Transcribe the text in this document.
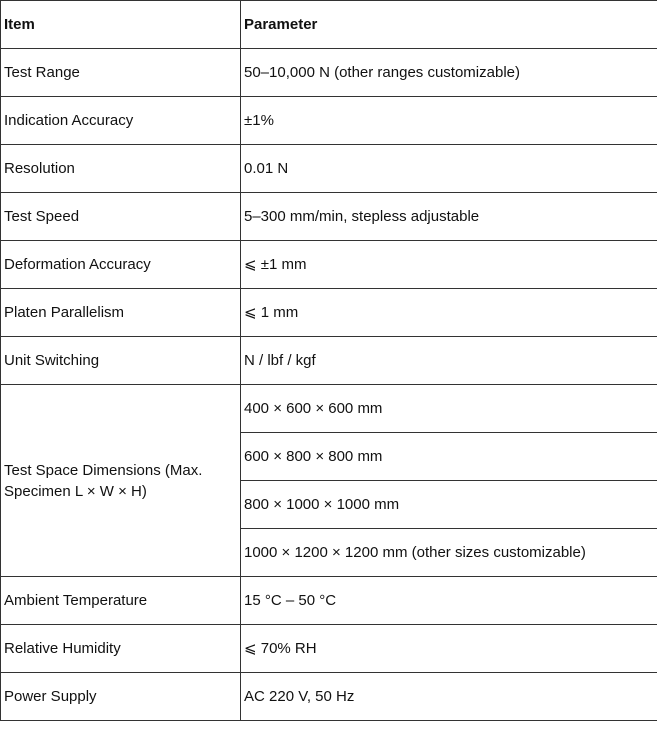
Item	Parameter
Test Range	50–10,000 N (other ranges customizable)
Indication Accuracy	±1%
Resolution	0.01 N
Test Speed	5–300 mm/min, stepless adjustable
Deformation Accuracy	⩽ ±1 mm
Platen Parallelism	⩽ 1 mm
Unit Switching	N / lbf / kgf
Test Space Dimensions (Max. Specimen L × W × H)	400 × 600 × 600 mm
	600 × 800 × 800 mm
	800 × 1000 × 1000 mm
	1000 × 1200 × 1200 mm (other sizes customizable)
Ambient Temperature	15 °C – 50 °C
Relative Humidity	⩽ 70% RH
Power Supply	AC 220 V, 50 Hz
